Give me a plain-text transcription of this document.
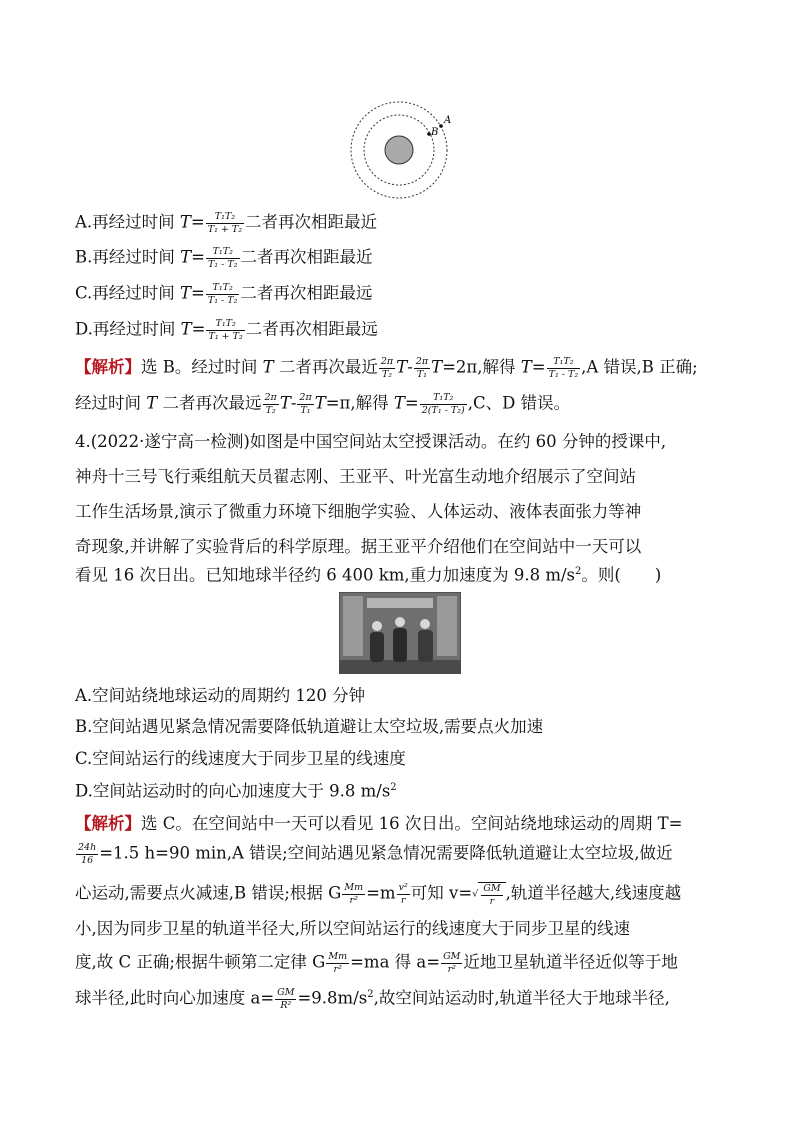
A
B
A.再经过时间 $T= \frac{\text{T₁T₂}}{\text{T₁ + T₂}}$ 二者再次相距最近
B.再经过时间 $T= \frac{\text{T₁T₂}}{\text{T₁ - T₂}}$ 二者再次相距最近
C.再经过时间 $T= \frac{\text{T₁T₂}}{\text{T₁ - T₂}}$ 二者再次相距最远
D.再经过时间 $T= \frac{\text{T₁T₂}}{\text{T₁ + T₂}}$ 二者再次相距最远
【解析】选 B。经过时间 T 二者再次最近 $\frac{2\pi}{\text{T₂}} T- \frac{2\pi}{\text{T₁}} T=2\pi$,解得 $T= \frac{\text{T₁T₂}}{\text{T₁ - T₂}} ,A$ 错误,B 正确;
经过时间 T 二者再次最远 $\frac{2\pi}{\text{T₂}} T- \frac{2\pi}{\text{T₁}} T=\pi$,解得 $T= \frac{\text{T₁T₂}}{\text{2(T₁ - T₂)}} ,C$、D 错误。
4.(2022·遂宁高一检测)如图是中国空间站太空授课活动。在约 60 分钟的授课中,
神舟十三号飞行乘组航天员翟志刚、王亚平、叶光富生动地介绍展示了空间站
工作生活场景,演示了微重力环境下细胞学实验、人体运动、液体表面张力等神
奇现象,并讲解了实验背后的科学原理。据王亚平介绍他们在空间站中一天可以
看见 16 次日出。已知地球半径约 6 400 km,重力加速度为 9.8 $m/s^2$。则( )
A.空间站绕地球运动的周期约 120 分钟
B.空间站遇见紧急情况需要降低轨道避让太空垃圾,需要点火加速
C.空间站运行的线速度大于同步卫星的线速度
D.空间站运动时的向心加速度大于 9.8 $m/s^2$
【解析】选 C。在空间站中一天可以看见 16 次日出。空间站绕地球运动的周期 T=
$\frac{24h}{16} =1.5$ h=90 min,A 错误;空间站遇见紧急情况需要降低轨道避让太空垃圾,做近
心运动,需要点火减速,B 错误;根据 G $\frac{Mm}{\text{r²}} =m \frac{\text{v²}}{r}$ 可知 $v=√ \frac{GM}{r}$ ,轨道半径越大,线速度越
小,因为同步卫星的轨道半径大,所以空间站运行的线速度大于同步卫星的线速
度,故 C 正确;根据牛顿第二定律 G $\frac{Mm}{\text{r²}} =ma$ 得 $a= \frac{GM}{\text{r²}}$ 近地卫星轨道半径近似等于地
球半径,此时向心加速度 $a= \frac{GM}{\text{R²}} =9.8m/s^2$,故空间站运动时,轨道半径大于地球半径,
